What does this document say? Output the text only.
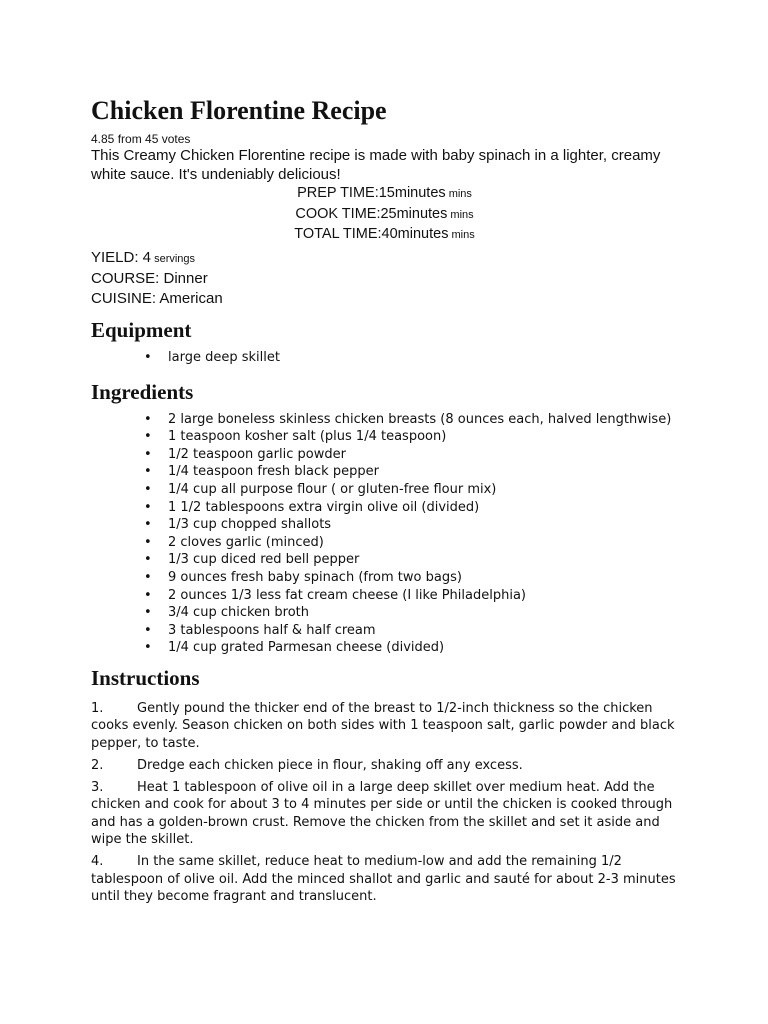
Chicken Florentine Recipe
4.85 from 45 votes

This Creamy Chicken Florentine recipe is made with baby spinach in a lighter, creamy white sauce. It's undeniably delicious!

PREP TIME:15minutes mins
COOK TIME:25minutes mins
TOTAL TIME:40minutes mins
YIELD: 4 servings
COURSE: Dinner
CUISINE: American
Equipment
• large deep skillet
Ingredients
• 2 large boneless skinless chicken breasts (8 ounces each, halved lengthwise)
• 1 teaspoon kosher salt (plus 1/4 teaspoon)
• 1/2 teaspoon garlic powder
• 1/4 teaspoon fresh black pepper
• 1/4 cup all purpose flour ( or gluten-free flour mix)
• 1 1/2 tablespoons extra virgin olive oil (divided)
• 1/3 cup chopped shallots
• 2 cloves garlic (minced)
• 1/3 cup diced red bell pepper
• 9 ounces fresh baby spinach (from two bags)
• 2 ounces 1/3 less fat cream cheese (I like Philadelphia)
• 3/4 cup chicken broth
• 3 tablespoons half & half cream
• 1/4 cup grated Parmesan cheese (divided)
Instructions
1.	Gently pound the thicker end of the breast to 1/2-inch thickness so the chicken cooks evenly. Season chicken on both sides with 1 teaspoon salt, garlic powder and black pepper, to taste.
2.	Dredge each chicken piece in flour, shaking off any excess.
3.	Heat 1 tablespoon of olive oil in a large deep skillet over medium heat. Add the chicken and cook for about 3 to 4 minutes per side or until the chicken is cooked through and has a golden-brown crust. Remove the chicken from the skillet and set it aside and wipe the skillet.
4.	In the same skillet, reduce heat to medium-low and add the remaining 1/2 tablespoon of olive oil. Add the minced shallot and garlic and sauté for about 2-3 minutes until they become fragrant and translucent.
